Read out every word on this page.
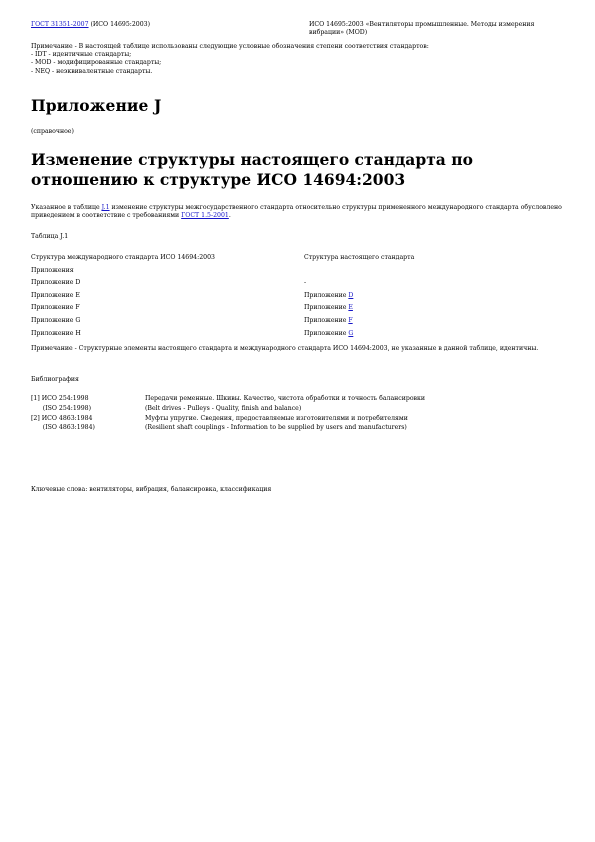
ГОСТ 31351-2007 (ИСО 14695:2003)	ИСО 14695:2003 «Вентиляторы промышленные. Методы измерения вибрации» (MOD)
Примечание - В настоящей таблице использованы следующие условные обозначения степени соответствия стандартов:
- IDT - идентичные стандарты;
- MOD - модифицированные стандарты;
- NEQ - неэквивалентные стандарты.
Приложение J
(справочное)
Изменение структуры настоящего стандарта по отношению к структуре ИСО 14694:2003
Указанное в таблице J.1 изменение структуры межгосударственного стандарта относительно структуры примененного международного стандарта обусловлено приведением в соответствие с требованиями ГОСТ 1.5-2001.
Таблица J.1
Структура международного стандарта ИСО 14694:2003	Структура настоящего стандарта
Приложения
Приложение D	-
Приложение E	Приложение D
Приложение F	Приложение E
Приложение G	Приложение F
Приложение H	Приложение G
Примечание - Структурные элементы настоящего стандарта и международного стандарта ИСО 14694:2003, не указанные в данной таблице, идентичны.
Библиография
[1] ИСО 254:1998	Передачи ременные. Шкивы. Качество, чистота обработки и точность балансировки
(ISO 254:1998)	(Belt drives - Pulleys - Quality, finish and balance)
[2] ИСО 4863:1984	Муфты упругие. Сведения, предоставляемые изготовителями и потребителями
(ISO 4863:1984)	(Resilient shaft couplings - Information to be supplied by users and manufacturers)
Ключевые слова: вентиляторы, вибрация, балансировка, классификация
